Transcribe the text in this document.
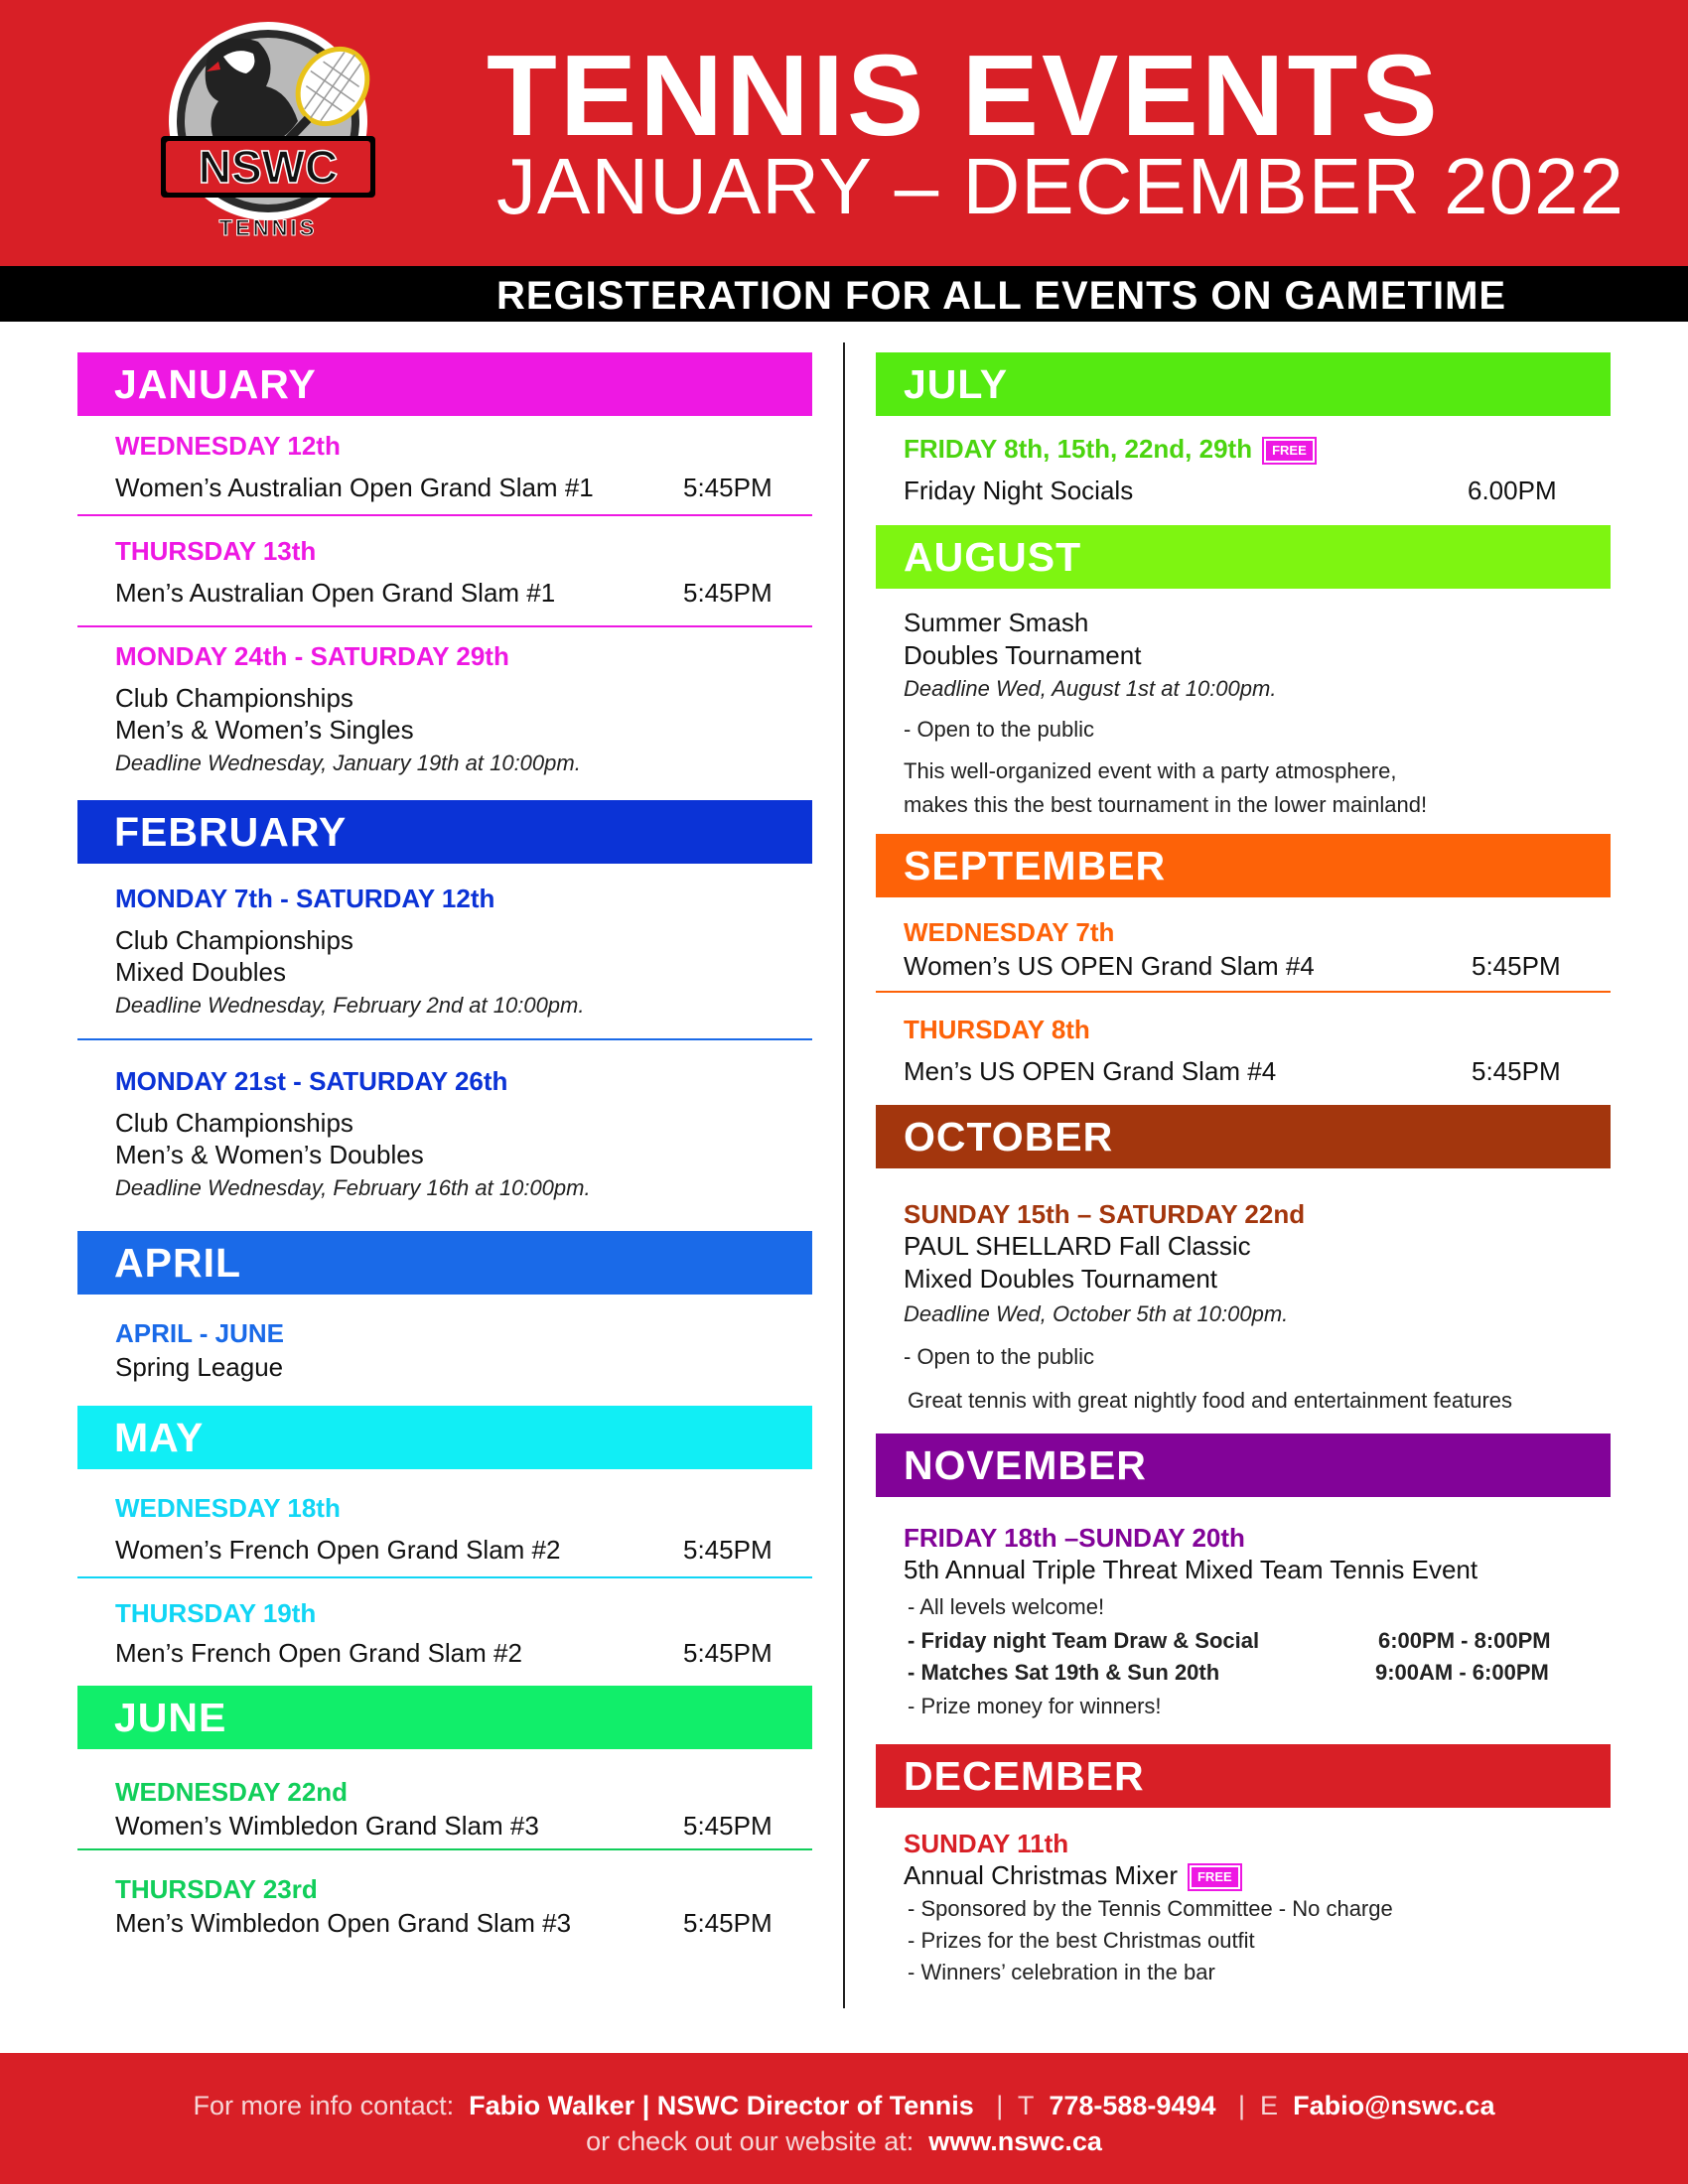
NSWC
TENNIS
TENNIS EVENTS
JANUARY – DECEMBER 2022
REGISTERATION FOR ALL EVENTS ON GAMETIME
JANUARY
WEDNESDAY 12th
Women’s Australian Open Grand Slam #1	5:45PM
THURSDAY 13th
Men’s Australian Open Grand Slam #1	5:45PM
MONDAY 24th - SATURDAY 29th
Club Championships
Men’s & Women’s Singles
Deadline Wednesday, January 19th at 10:00pm.
FEBRUARY
MONDAY 7th - SATURDAY 12th
Club Championships
Mixed Doubles
Deadline Wednesday, February 2nd at 10:00pm.
MONDAY 21st - SATURDAY 26th
Club Championships
Men’s & Women’s Doubles
Deadline Wednesday, February 16th at 10:00pm.
APRIL
APRIL - JUNE
Spring League
MAY
WEDNESDAY 18th
Women’s French Open Grand Slam #2	5:45PM
THURSDAY 19th
Men’s French Open Grand Slam #2	5:45PM
JUNE
WEDNESDAY 22nd
Women’s Wimbledon Grand Slam #3	5:45PM
THURSDAY 23rd
Men’s Wimbledon Open Grand Slam #3	5:45PM
JULY
FRIDAY 8th, 15th, 22nd, 29th FREE
Friday Night Socials	6.00PM
AUGUST
Summer Smash
Doubles Tournament
Deadline Wed, August 1st at 10:00pm.
- Open to the public
This well-organized event with a party atmosphere,
makes this the best tournament in the lower mainland!
SEPTEMBER
WEDNESDAY 7th
Women’s US OPEN Grand Slam #4	5:45PM
THURSDAY 8th
Men’s US OPEN Grand Slam #4	5:45PM
OCTOBER
SUNDAY 15th – SATURDAY 22nd
PAUL SHELLARD Fall Classic
Mixed Doubles Tournament
Deadline Wed, October 5th at 10:00pm.
- Open to the public
Great tennis with great nightly food and entertainment features
NOVEMBER
FRIDAY 18th –SUNDAY 20th
5th Annual Triple Threat Mixed Team Tennis Event
- All levels welcome!
- Friday night Team Draw & Social	6:00PM - 8:00PM
- Matches Sat 19th & Sun 20th	9:00AM - 6:00PM
- Prize money for winners!
DECEMBER
SUNDAY 11th
Annual Christmas Mixer FREE
- Sponsored by the Tennis Committee - No charge
- Prizes for the best Christmas outfit
- Winners’ celebration in the bar
For more info contact: Fabio Walker | NSWC Director of Tennis | T 778-588-9494 | E Fabio@nswc.ca
or check out our website at: www.nswc.ca
